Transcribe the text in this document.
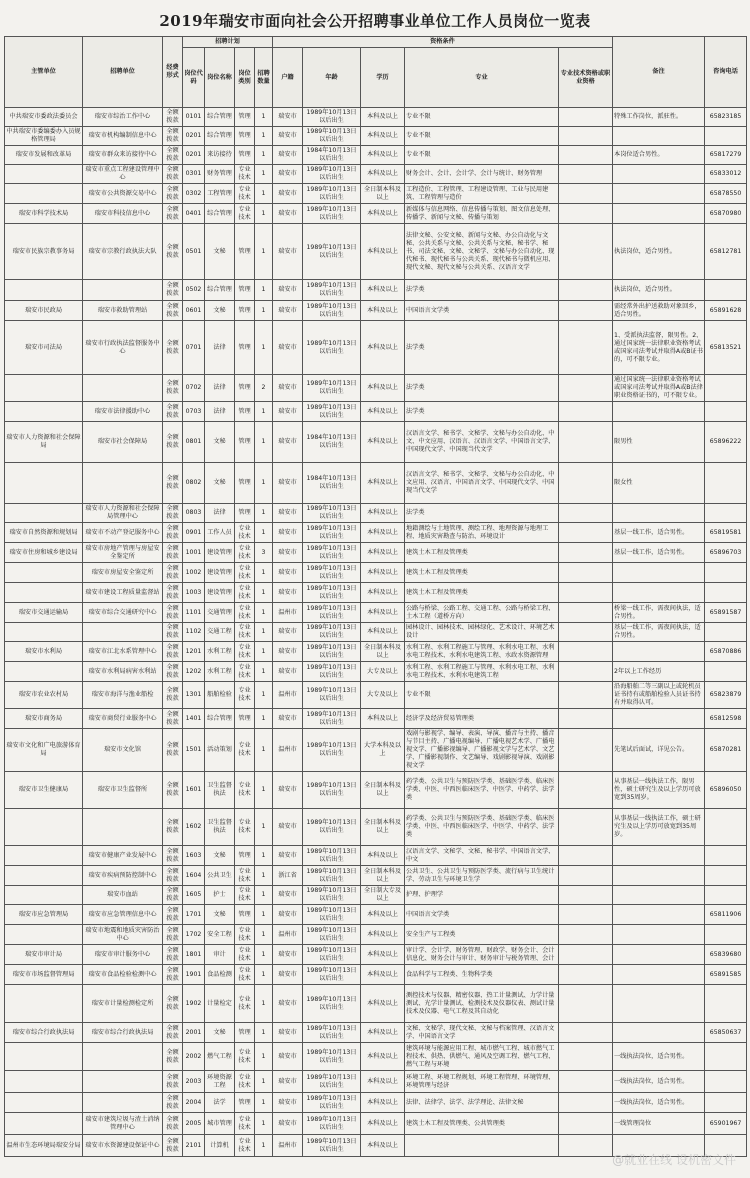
2019年瑞安市面向社会公开招聘事业单位工作人员岗位一览表
主管单位	招聘单位	经费形式	招聘计划				资格条件					备注	咨询电话
			岗位代码	岗位名称	岗位类别	招聘数量	户籍	年龄	学历	专业	专业技术资格或职业资格		
中共瑞安市委政法委员会	瑞安市综治工作中心	全额拨款	0101	综合管理	管理	1	瑞安市	1989年10月13日以后出生	本科及以上	专业不限		特殊工作岗位，派驻性。	65823185
中共瑞安市委编委办入员规格管理局	瑞安市机构编制信息中心	全额拨款	0201	综合管理	管理	1	瑞安市	1989年10月13日以后出生	本科及以上	专业不限			
瑞安市发展和改革局	瑞安市群众来访接待中心	全额拨款	0201	来访接待	管理	1	瑞安市	1984年10月13日以后出生	本科及以上	专业不限		本岗位适合男性。	65817279
	瑞安市重点工程建设管理中心	全额拨款	0301	财务管理	专业技术	1	瑞安市	1989年10月13日以后出生	本科及以上	财务会计、会计、会计学、会计与统计、财务管理			65833012
	瑞安市公共资源交易中心	全额拨款	0302	工程管理	专业技术	1	瑞安市	1989年10月13日以后出生	全日制本科及以上	工程造价、工程管理、工程建设管理、工业与民用建筑、工程管理与造价			65878550
瑞安市科学技术局	瑞安市科技信息中心	全额拨款	0401	综合管理	专业技术	1	瑞安市	1989年10月13日以后出生	本科及以上	新媒体与信息网络、信息传播与策划、图文信息处理、传播学、新闻与文秘、传播与策划			65870980
瑞安市民族宗教事务局	瑞安市宗教行政执法大队	全额拨款	0501	文秘	管理	1	瑞安市	1989年10月13日以后出生	本科及以上	法律文秘、公安文秘、新闻与文秘、办公自动化与文秘、公共关系与文秘、公共关系与文秘、秘书学、秘书、司法文秘、文秘、文秘学、文秘与办公自动化、现代秘书、现代秘书与公共关系、现代秘书与微机应用、现代文秘、现代文秘与公共关系、汉语言文学		执法岗位，适合男性。	65812781
		全额拨款	0502	综合管理	管理	1	瑞安市	1989年10月13日以后出生	本科及以上	法学类		执法岗位，适合男性。	
瑞安市民政局	瑞安市救助管理站	全额拨款	0601	文秘	管理	1	瑞安市	1989年10月13日以后出生	本科及以上	中国语言文学类		需经常外出护送救助对象回乡，适合男性。	65891628
瑞安市司法局	瑞安市行政执法监督服务中心	全额拨款	0701	法律	管理	1	瑞安市	1989年10月13日以后出生	本科及以上	法学类		1、受派执法监督，限男性。2、通过国家统一法律职业资格考试或国家司法考试并取得A或B证书的，可不限专业。	65813521
		全额拨款	0702	法律	管理	2	瑞安市	1989年10月13日以后出生	本科及以上	法学类		通过国家统一法律职业资格考试或国家司法考试并取得A或B法律职业资格证书的，可不限专业。	
	瑞安市法律援助中心	全额拨款	0703	法律	管理	1	瑞安市	1989年10月13日以后出生	本科及以上	法学类			
瑞安市人力资源和社会保障局	瑞安市社会保障局	全额拨款	0801	文秘	管理	1	瑞安市	1984年10月13日以后出生	本科及以上	汉语言文学、秘书学、文秘学、文秘与办公自动化、中文、中文应用、汉语言、汉语言文学、中国语言文学、中国现代文学、中国现当代文学		限男性	65896222
		全额拨款	0802	文秘	管理	1	瑞安市	1984年10月13日以后出生	本科及以上	汉语言文学、秘书学、文秘学、文秘与办公自动化、中文应用、汉语言、中国语言文学、中国现代文学、中国现当代文学		限女性	
	瑞安市人力资源和社会保障局管理中心	全额拨款	0803	法律	管理	1	瑞安市	1989年10月13日以后出生	本科及以上	法学类			
瑞安市自然资源和规划局	瑞安市不动产登记服务中心	全额拨款	0901	工作人员	专业技术	1	瑞安市	1989年10月13日以后出生	本科及以上	地籍测绘与土地管理、测绘工程、地理资源与地理工程、地质灾害勘查与防治、环境设计		基层一线工作，适合男性。	65819581
瑞安市住房和城乡建设局	瑞安市房地产管理与房屋安全鉴定所	全额拨款	1001	建设管理	专业技术	3	瑞安市	1989年10月13日以后出生	本科及以上	建筑土木工程及管理类		基层一线工作，适合男性。	65896703
	瑞安市房屋安全鉴定所	全额拨款	1002	建设管理	专业技术	1	瑞安市	1989年10月13日以后出生	本科及以上	建筑土木工程及管理类			
	瑞安市建设工程质量监督站	全额拨款	1003	建设管理	专业技术	1	瑞安市	1989年10月13日以后出生	本科及以上	建筑土木工程及管理类			
瑞安市交通运输局	瑞安市综合交通研究中心	全额拨款	1101	交通管理	专业技术	1	温州市	1989年10月13日以后出生	本科及以上	公路与桥梁、公路工程、交通工程、公路与桥梁工程、土木工程（道桥方向）		桥梁一线工作，需夜间执法，适合男性。	65891587
		全额拨款	1102	交通工程	专业技术	1	瑞安市	1989年10月13日以后出生	本科及以上	园林设计、园林技术、园林绿化、艺术设计、环境艺术设计		基层一线工作，需夜间执法，适合男性。	
瑞安市水利局	瑞安市江北水系管理中心	全额拨款	1201	水利工程	专业技术	1	瑞安市	1989年10月13日以后出生	全日制本科及以上	水利工程、水利工程施工与管理、水利水电工程、水利水电工程技术、水利水电建筑工程、水政水资源管理			65870886
	瑞安市水利局病害水利站	全额拨款	1202	水利工程	专业技术	1	瑞安市	1989年10月13日以后出生	大专及以上	水利工程、水利工程施工与管理、水利水电工程、水利水电工程技术、水利水电建筑工程		2年以上工作经历	
瑞安市农业农村局	瑞安市海洋与渔业船检	全额拨款	1301	船舶检验	专业技术	1	温州市	1989年10月13日以后出生	大专及以上	专业不限		沿海船舶二等三副以上或轮机员证书持有或船舶检验人员证书持有并取得认可。	65823879
瑞安市商务局	瑞安市商贸行业服务中心	全额拨款	1401	综合管理	管理	1	瑞安市	1989年10月13日以后出生	本科及以上	经济学及经济贸易管理类			65812598
瑞安市文化和广电旅游体育局	瑞安市文化馆	全额拨款	1501	活动策划	专业技术	1	温州市	1989年10月13日以后出生	大学本科及以上	戏剧与影视学、编导、表演、导演、播音与主持、播音与节目主持、广播电视编导、广播电视艺术学、广播电视文学、广播影视编导、广播影视文学与艺术学、文艺学、广播影视制作、文艺编导、戏剧影视导演、戏剧影视文学		先笔试后面试，详见公告。	65870281
瑞安市卫生健康局	瑞安市卫生监督所	全额拨款	1601	卫生监督执法	专业技术	1	瑞安市	1989年10月13日以后出生	全日制本科及以上	药学类、公共卫生与预防医学类、基础医学类、临床医学类、中医、中西医临床医学、中医学、中药学、法学类		从事基层一线执法工作，限男性，硕士研究生及以上学历可放宽到35周岁。	65896050
		全额拨款	1602	卫生监督执法	专业技术	1	瑞安市	1989年10月13日以后出生	全日制本科及以上	药学类、公共卫生与预防医学类、基础医学类、临床医学类、中医、中西医临床医学、中医学、中药学、法学类		从事基层一线执法工作，硕士研究生及以上学历可放宽到35周岁。	
	瑞安市健康产业发展中心	全额拨款	1603	文秘	管理	1	瑞安市	1989年10月13日以后出生	本科及以上	汉语言文学、文秘学、文秘、秘书学、中国语言文学、中文			
	瑞安市疾病预防控制中心	全额拨款	1604	公共卫生	专业技术	1	浙江省	1989年10月13日以后出生	全日制本科及以上	公共卫生、公共卫生与预防医学类、流行病与卫生统计学、劳动卫生与环境卫生学			
	瑞安市血站	全额拨款	1605	护士	专业技术	1	瑞安市	1989年10月13日以后出生	全日制大专及以上	护理、护理学			
瑞安市应急管理局	瑞安市应急管理信息中心	全额拨款	1701	文秘	管理	1	瑞安市	1989年10月13日以后出生	本科及以上	中国语言文学类			65811906
	瑞安市地震和地质灾害防治中心	全额拨款	1702	安全工程	专业技术	1	温州市	1989年10月13日以后出生	本科及以上	安全生产与工程类			
瑞安市审计局	瑞安市审计服务中心	全额拨款	1801	审计	专业技术	1	瑞安市	1989年10月13日以后出生	本科及以上	审计学、会计学、财务管理、财政学、财务会计、会计信息化、财务会计与审计、财务审计与税务管理、会计			65839680
瑞安市市场监督管理局	瑞安市食品检验检测中心	全额拨款	1901	食品检测	专业技术	1	瑞安市	1989年10月13日以后出生	本科及以上	食品科学与工程类、生物科学类			65891585
	瑞安市计量检测检定所	全额拨款	1902	计量检定	专业技术	1	瑞安市	1989年10月13日以后出生	本科及以上	测控技术与仪器、精密仪器、热工计量测试、力学计量测试、光学计量测试、检测技术及仪器仪表、测试计量技术及仪器、电气工程及其自动化			
瑞安市综合行政执法局	瑞安市综合行政执法局	全额拨款	2001	文秘	管理	1	瑞安市	1989年10月13日以后出生	本科及以上	文秘、文秘学、现代文秘、文秘与档案管理、汉语言文学、中国语言文学			65850637
		全额拨款	2002	燃气工程	专业技术	1	瑞安市	1989年10月13日以后出生	本科及以上	建筑环境与能源应用工程、城市燃气工程、城市燃气工程技术、供热、供燃气、通风及空调工程、燃气工程、燃气工程与环境		一线执法岗位，适合男性。	
		全额拨款	2003	环境资源工程	专业技术	1	瑞安市	1989年10月13日以后出生	本科及以上	环境工程、环境工程规划、环境工程管理、环境管理、环境管理与经济		一线执法岗位，适合男性。	
		全额拨款	2004	法学	管理	1	瑞安市	1989年10月13日以后出生	本科及以上	法律、法律学、法学、法学理论、法律文秘		一线执法岗位，适合男性。	
	瑞安市建筑垃圾与渣土消纳管理中心	全额拨款	2005	城市管理	专业技术	1	瑞安市	1989年10月13日以后出生	本科及以上	建筑土木工程及管理类、公共管理类		一线管理岗位	65901967
温州市生态环境局瑞安分局	瑞安市水资源建设保证中心	全额拨款	2101	计算机	专业技术	1	温州市	1989年10月13日以后出生	本科及以上				
@就业在线 设机密文件
